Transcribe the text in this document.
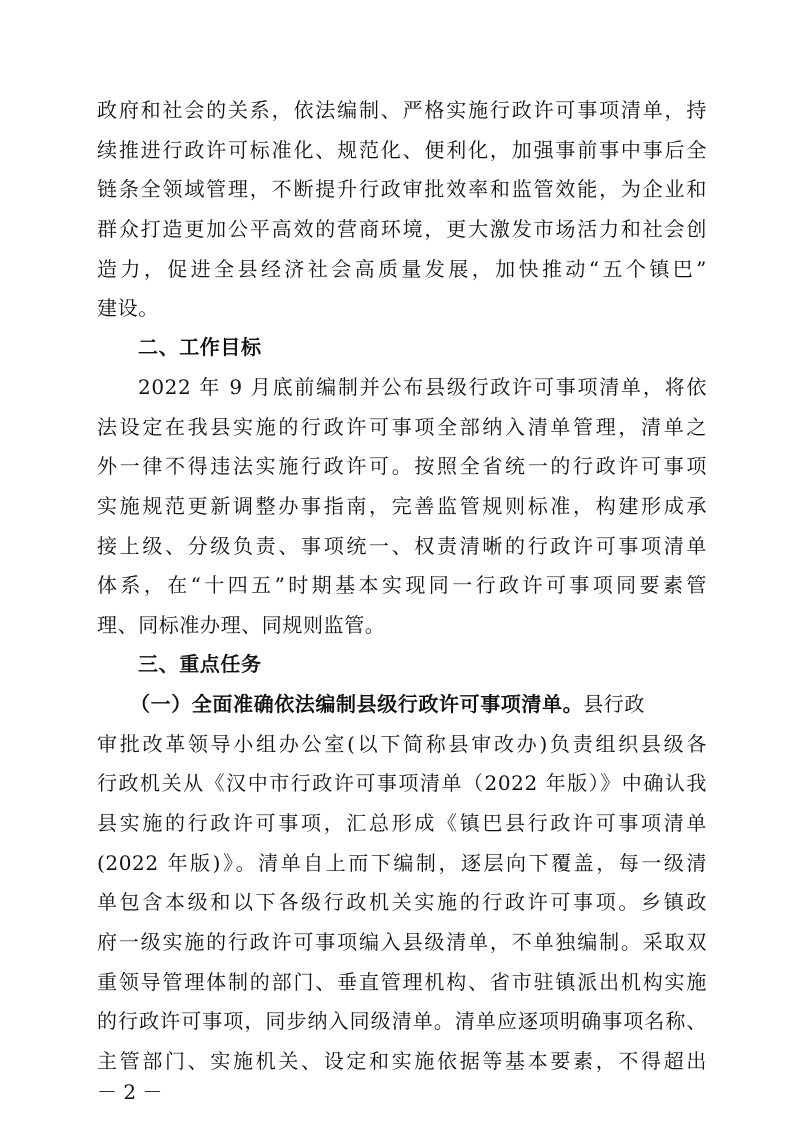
政府和社会的关系，依法编制、严格实施行政许可事项清单，持
续推进行政许可标准化、规范化、便利化，加强事前事中事后全
链条全领域管理，不断提升行政审批效率和监管效能，为企业和
群众打造更加公平高效的营商环境，更大激发市场活力和社会创
造力，促进全县经济社会高质量发展，加快推动“五个镇巴”
建设。
二、工作目标
2022 年 9 月底前编制并公布县级行政许可事项清单，将依
法设定在我县实施的行政许可事项全部纳入清单管理，清单之
外一律不得违法实施行政许可。按照全省统一的行政许可事项
实施规范更新调整办事指南，完善监管规则标准，构建形成承
接上级、分级负责、事项统一、权责清晰的行政许可事项清单
体系，在“十四五”时期基本实现同一行政许可事项同要素管
理、同标准办理、同规则监管。
三、重点任务
（一）全面准确依法编制县级行政许可事项清单。县行政
审批改革领导小组办公室(以下简称县审改办)负责组织县级各
行政机关从《汉中市行政许可事项清单（2022 年版）》中确认我
县实施的行政许可事项，汇总形成《镇巴县行政许可事项清单
(2022 年版)》。清单自上而下编制，逐层向下覆盖，每一级清
单包含本级和以下各级行政机关实施的行政许可事项。乡镇政
府一级实施的行政许可事项编入县级清单，不单独编制。采取双
重领导管理体制的部门、垂直管理机构、省市驻镇派出机构实施
的行政许可事项，同步纳入同级清单。清单应逐项明确事项名称、
主管部门、实施机关、设定和实施依据等基本要素，不得超出
－ 2 －
